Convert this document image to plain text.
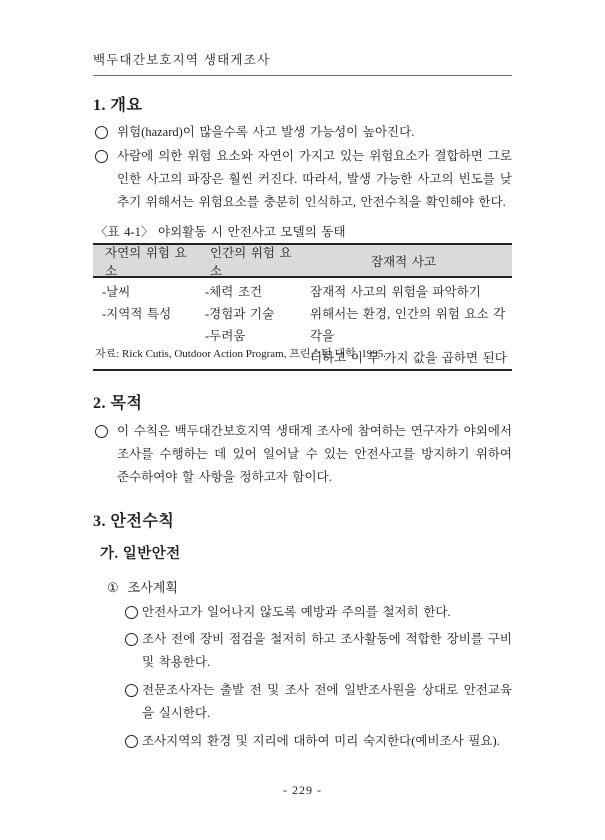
백두대간보호지역 생태게조사
1. 개요
위험(hazard)이 많을수록 사고 발생 가능성이 높아진다.
사람에 의한 위험 요소와 자연이 가지고 있는 위험요소가 결합하면 그로 인한 사고의 파장은 훨씬 커진다. 따라서, 발생 가능한 사고의 빈도를 낮추기 위해서는 위험요소를 충분히 인식하고, 안전수칙을 확인해야 한다.
〈표 4-1〉 야외활동 시 안전사고 모델의 동태
자연의 위험 요소
인간의 위험 요소
잠재적 사고
-날씨
-지역적 특성
-체력 조건
-경험과 기술
-두려움
잠재적 사고의 위험을 파악하기
위해서는 환경, 인간의 위험 요소 각각을
더하고 이 두 가지 값을 곱하면 된다
자료: Rick Cutis, Outdoor Action Program, 프린스턴 대학, 1995.
2. 목적
이 수칙은 백두대간보호지역 생태계 조사에 참여하는 연구자가 야외에서 조사를 수행하는 데 있어 일어날 수 있는 안전사고를 방지하기 위하여 준수하여야 할 사항을 정하고자 함이다.
3. 안전수칙
가. 일반안전
① 조사계획
안전사고가 일어나지 않도록 예방과 주의를 철저히 한다.
조사 전에 장비 점검을 철저히 하고 조사활동에 적합한 장비를 구비 및 착용한다.
전문조사자는 출발 전 및 조사 전에 일반조사원을 상대로 안전교육을 실시한다.
조사지역의 환경 및 지리에 대하여 미리 숙지한다(예비조사 필요).
- 229 -
